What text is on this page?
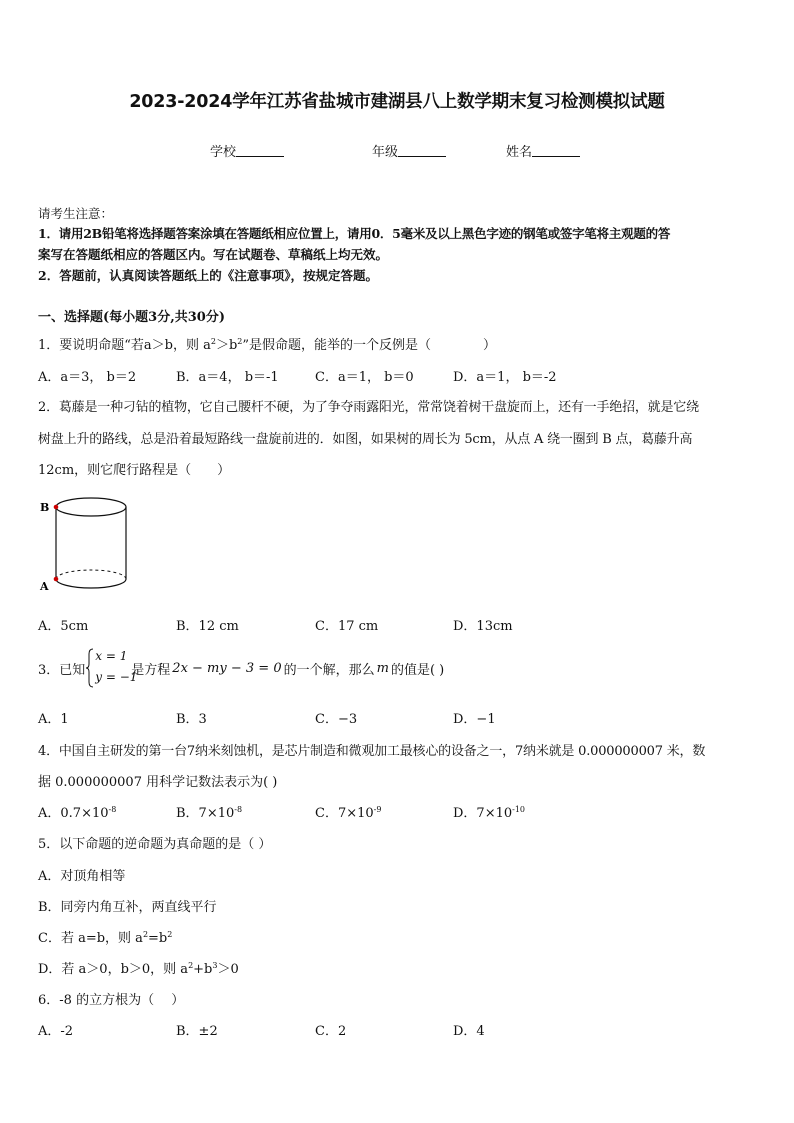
2023-2024学年江苏省盐城市建湖县八上数学期末复习检测模拟试题
学校	年级	姓名
请考生注意：
1．请用2B铅笔将选择题答案涂填在答题纸相应位置上，请用0．5毫米及以上黑色字迹的钢笔或签字笔将主观题的答
案写在答题纸相应的答题区内。写在试题卷、草稿纸上均无效。
2．答题前，认真阅读答题纸上的《注意事项》，按规定答题。
一、选择题(每小题3分,共30分)
1．要说明命题“若a＞b，则 $a^2>b^2$”是假命题，能举的一个反例是（　　　　）
A．a＝3， b＝2	B．a＝4， b＝-1	C．a＝1， b＝0	D．a＝1， b＝-2
2．葛藤是一种刁钻的植物，它自己腰杆不硬，为了争夺雨露阳光，常常饶着树干盘旋而上，还有一手绝招，就是它绕
树盘上升的路线，总是沿着最短路线一盘旋前进的．如图，如果树的周长为 5cm，从点 A 绕一圈到 B 点，葛藤升高
12cm，则它爬行路程是（　　）
B
A
A．5cm	B．12 cm	C．17 cm	D．13cm
3．已知
x = 1
y = −1
是方程 2x − my − 3 = 0 的一个解，那么 m 的值是( )
A．1	B．3	C．−3	D．−1
4．中国自主研发的第一台7纳米刻蚀机，是芯片制造和微观加工最核心的设备之一，7纳米就是 0.000000007 米，数
据 0.000000007 用科学记数法表示为( )
A．$0.7\times 10^{-8}$	B．$7\times 10^{-8}$	C．$7\times 10^{-9}$	D．$7\times 10^{-10}$
5．以下命题的逆命题为真命题的是（ ）
A．对顶角相等
B．同旁内角互补，两直线平行
C．若 a=b，则 $a^2=b^2$
D．若 a＞0，b＞0，则 $a^2+b^3>0$
6．-8 的立方根为（　 ）
A．-2	B．±2	C．2	D．4
